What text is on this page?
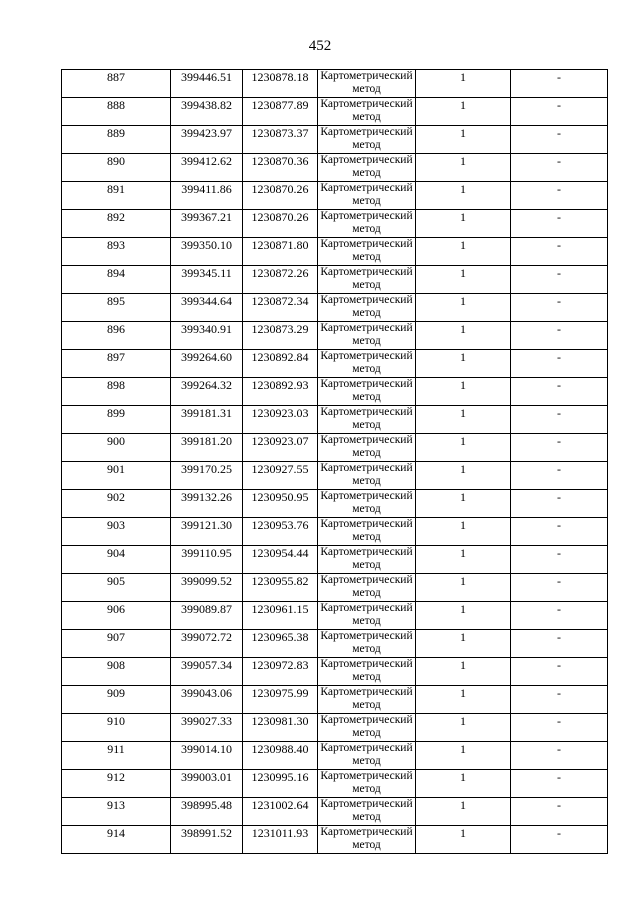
452
887	399446.51	1230878.18	Картометрический метод	1	-
888	399438.82	1230877.89	Картометрический метод	1	-
889	399423.97	1230873.37	Картометрический метод	1	-
890	399412.62	1230870.36	Картометрический метод	1	-
891	399411.86	1230870.26	Картометрический метод	1	-
892	399367.21	1230870.26	Картометрический метод	1	-
893	399350.10	1230871.80	Картометрический метод	1	-
894	399345.11	1230872.26	Картометрический метод	1	-
895	399344.64	1230872.34	Картометрический метод	1	-
896	399340.91	1230873.29	Картометрический метод	1	-
897	399264.60	1230892.84	Картометрический метод	1	-
898	399264.32	1230892.93	Картометрический метод	1	-
899	399181.31	1230923.03	Картометрический метод	1	-
900	399181.20	1230923.07	Картометрический метод	1	-
901	399170.25	1230927.55	Картометрический метод	1	-
902	399132.26	1230950.95	Картометрический метод	1	-
903	399121.30	1230953.76	Картометрический метод	1	-
904	399110.95	1230954.44	Картометрический метод	1	-
905	399099.52	1230955.82	Картометрический метод	1	-
906	399089.87	1230961.15	Картометрический метод	1	-
907	399072.72	1230965.38	Картометрический метод	1	-
908	399057.34	1230972.83	Картометрический метод	1	-
909	399043.06	1230975.99	Картометрический метод	1	-
910	399027.33	1230981.30	Картометрический метод	1	-
911	399014.10	1230988.40	Картометрический метод	1	-
912	399003.01	1230995.16	Картометрический метод	1	-
913	398995.48	1231002.64	Картометрический метод	1	-
914	398991.52	1231011.93	Картометрический метод	1	-
